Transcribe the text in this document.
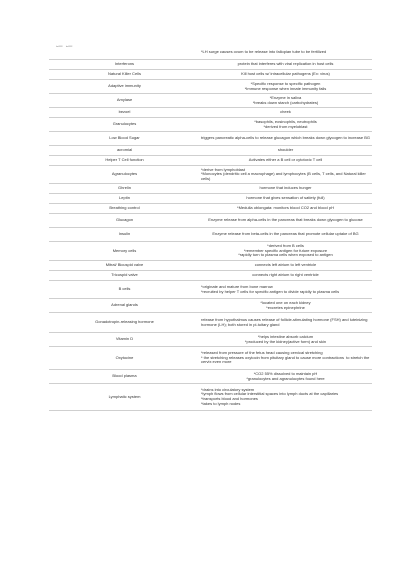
ㅡ ㅡ
*LH surge causes ovum to be release into fallopian tube to be fertilized
Interferons	protein that interferes with viral replication in host cells
Natural Killer Cells	Kill host cells w/ intracellular pathogens (Ex: virus)
Adaptive immunity	*Specific response to specific pathogen
*Immune response when innate immunity fails
Amylase	*Enzyme in saliva
*breaks down starch (carbohydrates)
bezoel	cheek
Granulocytes	*basophils, eosinophils, neutrophils
*derived from myeloblast
Low Blood Sugar	triggers pancreatic alpha-cells to release glucagon which breaks down glycogen to increase BG
acromial	shoulder
Helper T Cell function	Activates either a B cell or cytotoxic T cell
Agranulocytes
*derive from lymphoblast
*Monocytes (dendritic cell a macrophage) and lymphocytes (B cells, T cells, and Natural killer cells)
Ghrelin	hormone that induces hunger
Leptin	hormone that gives sensation of satiety (full)
Breathing control	*Medulla oblongata: monitors blood CO2 and blood pH
Glucagon	Enzyme release from alpha-cells in the pancreas that breaks down glycogen to glucose
Insulin	Enzyme release from beta-cells in the pancreas that promote cellular uptake of BG
Memory cells
*derived from B cells
*remember specific antigen for future exposure
*rapidly turn to plasma cells when exposed to antigen
Mitral/ Bicuspid valve	connects left atrium to left ventricle
Tricuspid valve	connects right atrium to right ventricle
B cells	*originate and mature from bone marrow
*recruited by helper T cells for specific antigen to divide rapidly to plasma cells
Adrenal glands	*located one on each kidney
*excretes epinephrine
Gonadotropin-releasing hormone	release from hypothalmus causes release of follicle-stimulating hormone (FSH) and luteinizing hormone (LH); both stored in pi-tuitary gland
Vitamin D	*helps intestine absorb calcium
*produced by the kidney(active form) and skin
Oxytocine
*released from pressure of the fetus head causing cervical stretching
* the stretching releases oxytocin from pituitary gland to cause more contractions  to stretch the cervix even more
Blood plasma	*CO2 55% dissolved to maintain pH
*granulocytes and agranulocytes found here
Lymphatic system
*drains into circulatory system
*lymph flows from cellular interstitial spaces into lymph ducts at the capillaries
*transports blood and hormones
*takes to lymph nodes
